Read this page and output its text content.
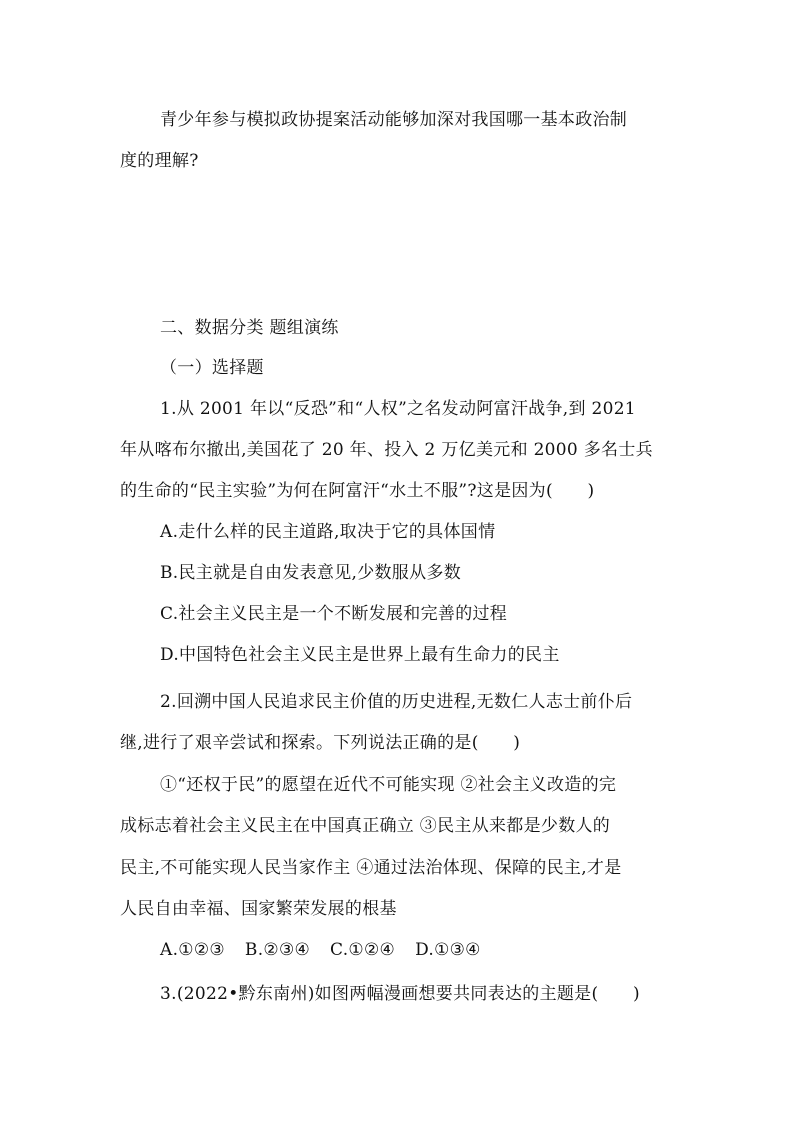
青少年参与模拟政协提案活动能够加深对我国哪一基本政治制
度的理解?
二、数据分类 题组演练
（一）选择题
1.从 2001 年以“反恐”和“人权”之名发动阿富汗战争,到 2021
年从喀布尔撤出,美国花了 20 年、投入 2 万亿美元和 2000 多名士兵
的生命的“民主实验”为何在阿富汗“水土不服”?这是因为(　　)
A.走什么样的民主道路,取决于它的具体国情
B.民主就是自由发表意见,少数服从多数
C.社会主义民主是一个不断发展和完善的过程
D.中国特色社会主义民主是世界上最有生命力的民主
2.回溯中国人民追求民主价值的历史进程,无数仁人志士前仆后
继,进行了艰辛尝试和探索。下列说法正确的是(　　)
①“还权于民”的愿望在近代不可能实现 ②社会主义改造的完
成标志着社会主义民主在中国真正确立 ③民主从来都是少数人的
民主,不可能实现人民当家作主 ④通过法治体现、保障的民主,才是
人民自由幸福、国家繁荣发展的根基
A.①②③ B.②③④ C.①②④ D.①③④
3.(2022•黔东南州)如图两幅漫画想要共同表达的主题是(　　)
